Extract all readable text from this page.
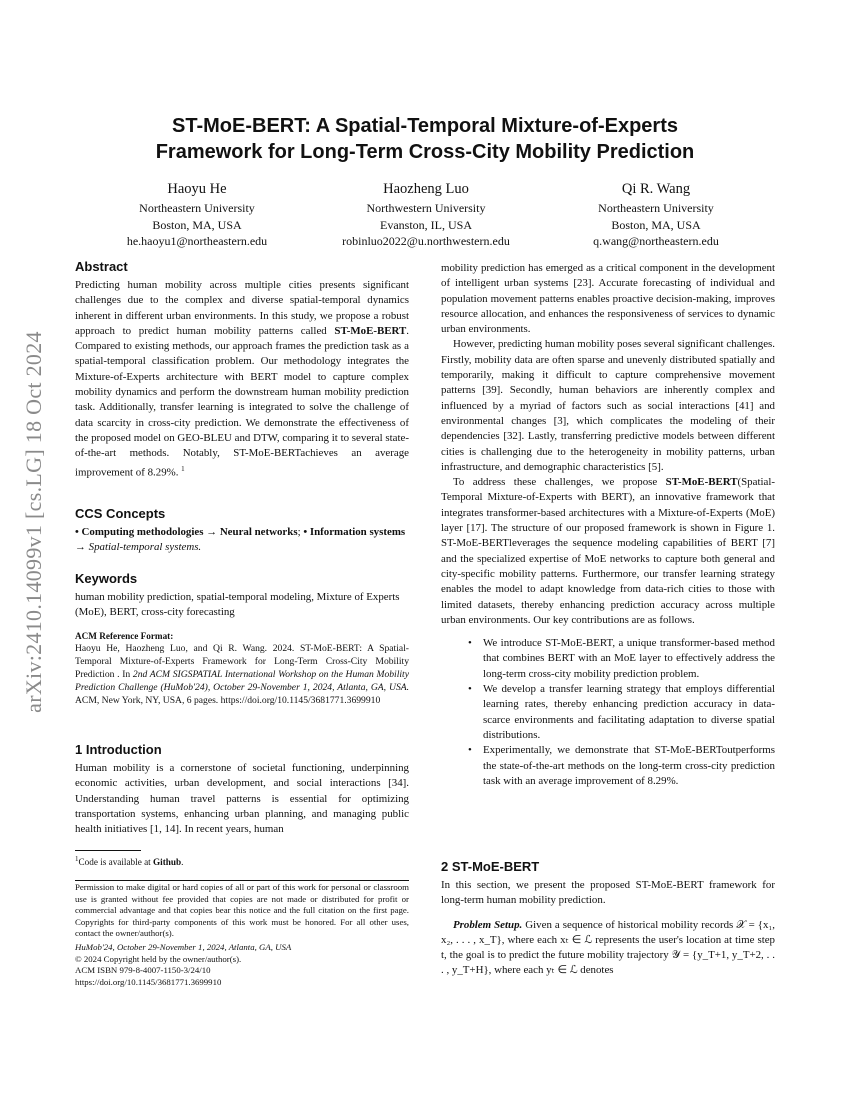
arXiv:2410.14099v1 [cs.LG] 18 Oct 2024
ST-MoE-BERT: A Spatial-Temporal Mixture-of-Experts
Framework for Long-Term Cross-City Mobility Prediction
Haoyu He
Northeastern University
Boston, MA, USA
he.haoyu1@northeastern.edu
Haozheng Luo
Northwestern University
Evanston, IL, USA
robinluo2022@u.northwestern.edu
Qi R. Wang
Northeastern University
Boston, MA, USA
q.wang@northeastern.edu
Abstract

Predicting human mobility across multiple cities presents significant challenges due to the complex and diverse spatial-temporal dynamics inherent in different urban environments. In this study, we propose a robust approach to predict human mobility patterns called ST-MoE-BERT. Compared to existing methods, our approach frames the prediction task as a spatial-temporal classification problem. Our methodology integrates the Mixture-of-Experts architecture with BERT model to capture complex mobility dynamics and perform the downstream human mobility prediction task. Additionally, transfer learning is integrated to solve the challenge of data scarcity in cross-city prediction. We demonstrate the effectiveness of the proposed model on GEO-BLEU and DTW, comparing it to several state-of-the-art methods. Notably, ST-MoE-BERTachieves an average improvement of 8.29%. $^1$

CCS Concepts

• Computing methodologies → Neural networks; • Information systems → Spatial-temporal systems.

Keywords

human mobility prediction, spatial-temporal modeling, Mixture of Experts (MoE), BERT, cross-city forecasting

ACM Reference Format:

Haoyu He, Haozheng Luo, and Qi R. Wang. 2024. ST-MoE-BERT: A Spatial-Temporal Mixture-of-Experts Framework for Long-Term Cross-City Mobility Prediction . In 2nd ACM SIGSPATIAL International Workshop on the Human Mobility Prediction Challenge (HuMob'24), October 29-November 1, 2024, Atlanta, GA, USA. ACM, New York, NY, USA, 6 pages. https://doi.org/10.1145/3681771.3699910

1 Introduction

Human mobility is a cornerstone of societal functioning, underpinning economic activities, urban development, and social interactions [34]. Understanding human travel patterns is essential for optimizing transportation systems, enhancing urban planning, and managing public health initiatives [1, 14]. In recent years, human

$^1$Code is available at Github.

Permission to make digital or hard copies of all or part of this work for personal or classroom use is granted without fee provided that copies are not made or distributed for profit or commercial advantage and that copies bear this notice and the full citation on the first page. Copyrights for third-party components of this work must be honored. For all other uses, contact the owner/author(s).

HuMob'24, October 29-November 1, 2024, Atlanta, GA, USA

© 2024 Copyright held by the owner/author(s).

ACM ISBN 979-8-4007-1150-3/24/10

https://doi.org/10.1145/3681771.3699910

mobility prediction has emerged as a critical component in the development of intelligent urban systems [23]. Accurate forecasting of individual and population movement patterns enables proactive decision-making, improves resource allocation, and enhances the responsiveness of services to dynamic urban environments.

However, predicting human mobility poses several significant challenges. Firstly, mobility data are often sparse and unevenly distributed spatially and temporarily, making it difficult to capture comprehensive movement patterns [39]. Secondly, human behaviors are inherently complex and influenced by a myriad of factors such as social interactions [41] and environmental changes [3], which complicates the modeling of their dependencies [32]. Lastly, transferring predictive models between different cities is challenging due to the heterogeneity in mobility patterns, urban infrastructure, and demographic characteristics [5].

To address these challenges, we propose ST-MoE-BERT(Spatial-Temporal Mixture-of-Experts with BERT), an innovative framework that integrates transformer-based architectures with a Mixture-of-Experts (MoE) layer [17]. The structure of our proposed framework is shown in Figure 1. ST-MoE-BERTleverages the sequence modeling capabilities of BERT [7] and the specialized expertise of MoE networks to capture both general and city-specific mobility patterns. Furthermore, our transfer learning strategy enables the model to adapt knowledge from data-rich cities to those with limited datasets, thereby enhancing prediction accuracy across multiple urban environments. Our key contributions are as follows.

• We introduce ST-MoE-BERT, a unique transformer-based method that combines BERT with an MoE layer to effectively address the long-term cross-city mobility prediction problem.
• We develop a transfer learning strategy that employs differential learning rates, thereby enhancing prediction accuracy in data-scarce environments and facilitating adaptation to diverse spatial distributions.
• Experimentally, we demonstrate that ST-MoE-BERToutperforms the state-of-the-art methods on the long-term cross-city prediction task with an average improvement of 8.29%.
2 ST-MoE-BERT

In this section, we present the proposed ST-MoE-BERT framework for long-term human mobility prediction.

Problem Setup. Given a sequence of historical mobility records 𝒳 = {x₁, x₂, . . . , x_T}, where each xₜ ∈ ℒ represents the user's location at time step t, the goal is to predict the future mobility trajectory 𝒴 = {y_T+1, y_T+2, . . . , y_T+H}, where each yₜ ∈ ℒ denotes
